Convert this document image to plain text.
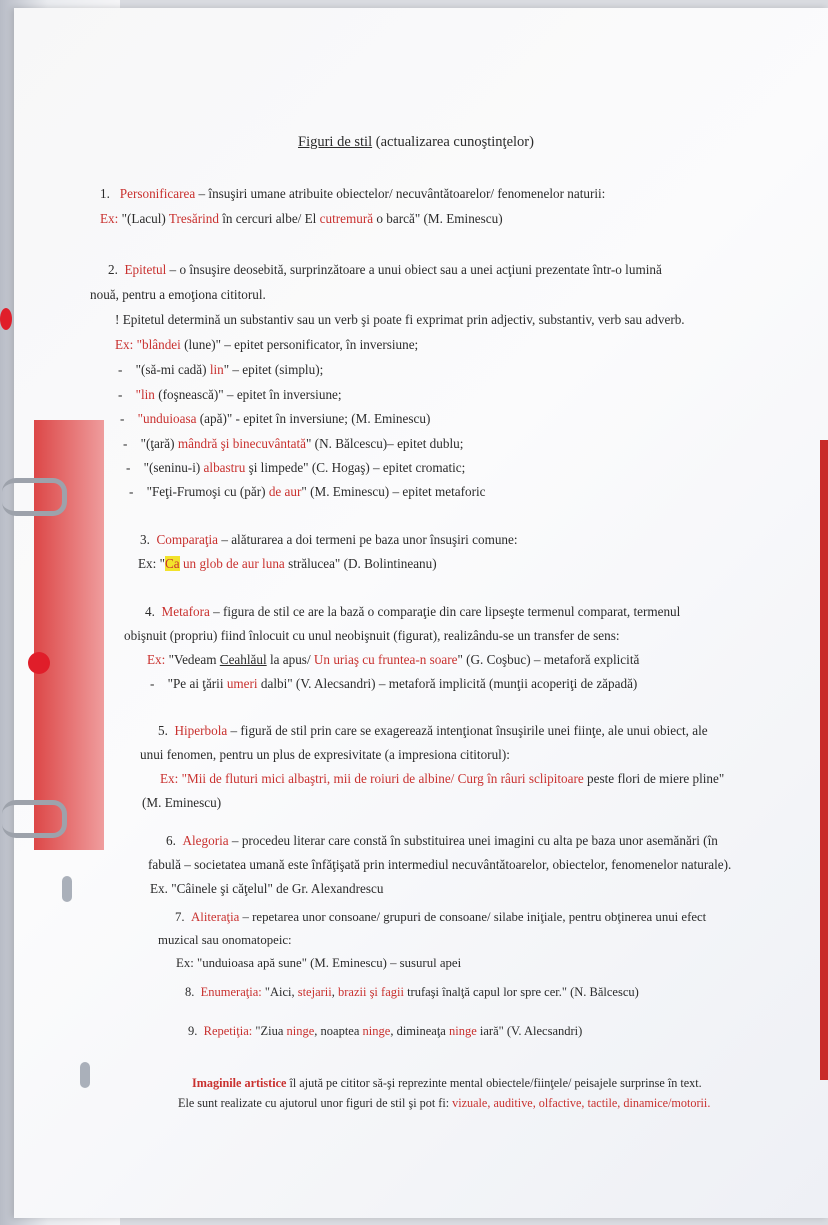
Figuri de stil (actualizarea cunoştinţelor)
1. Personificarea – însuşiri umane atribuite obiectelor/ necuvântătoarelor/ fenomenelor naturii:
Ex: "(Lacul) Tresărind în cercuri albe/ El cutremură o barcă" (M. Eminescu)
2. Epitetul – o însuşire deosebită, surprinzătoare a unui obiect sau a unei acţiuni prezentate într-o lumină
nouă, pentru a emoţiona cititorul.
! Epitetul determină un substantiv sau un verb şi poate fi exprimat prin adjectiv, substantiv, verb sau adverb.
Ex: "blândei (lune)" – epitet personificator, în inversiune;
-    "(să-mi cadă) lin" – epitet (simplu);
-    "lin (foşnească)" – epitet în inversiune;
-    "unduioasa (apă)" - epitet în inversiune; (M. Eminescu)
-    "(ţară) mândră şi binecuvântată" (N. Bălcescu)– epitet dublu;
-    "(seninu-i) albastru şi limpede" (C. Hogaş) – epitet cromatic;
-    "Feţi-Frumoşi cu (păr) de aur" (M. Eminescu) – epitet metaforic
3. Comparaţia – alăturarea a doi termeni pe baza unor însuşiri comune:
Ex: "Ca un glob de aur luna strălucea" (D. Bolintineanu)
4. Metafora – figura de stil ce are la bază o comparaţie din care lipseşte termenul comparat, termenul
obişnuit (propriu) fiind înlocuit cu unul neobişnuit (figurat), realizându-se un transfer de sens:
Ex: "Vedeam Ceahlăul la apus/ Un uriaş cu fruntea-n soare" (G. Coşbuc) – metaforă explicită
-    "Pe ai ţării umeri dalbi" (V. Alecsandri) – metaforă implicită (munţii acoperiţi de zăpadă)
5. Hiperbola – figură de stil prin care se exagerează intenţionat însuşirile unei fiinţe, ale unui obiect, ale
unui fenomen, pentru un plus de expresivitate (a impresiona cititorul):
Ex: "Mii de fluturi mici albaştri, mii de roiuri de albine/ Curg în râuri sclipitoare peste flori de miere pline"
(M. Eminescu)
6. Alegoria – procedeu literar care constă în substituirea unei imagini cu alta pe baza unor asemănări (în
fabulă – societatea umană este înfăţişată prin intermediul necuvântătoarelor, obiectelor, fenomenelor naturale).
Ex. "Câinele şi căţelul" de Gr. Alexandrescu
7. Aliteraţia – repetarea unor consoane/ grupuri de consoane/ silabe iniţiale, pentru obţinerea unui efect
muzical sau onomatopeic:
Ex: "unduioasa apă sune" (M. Eminescu) – susurul apei
8. Enumeraţia: "Aici, stejarii, brazii şi fagii trufaşi înalţă capul lor spre cer." (N. Bălcescu)
9. Repetiţia: "Ziua ninge, noaptea ninge, dimineaţa ninge iară" (V. Alecsandri)
Imaginile artistice îl ajută pe cititor să-şi reprezinte mental obiectele/fiinţele/ peisajele surprinse în text.
Ele sunt realizate cu ajutorul unor figuri de stil şi pot fi: vizuale, auditive, olfactive, tactile, dinamice/motorii.
